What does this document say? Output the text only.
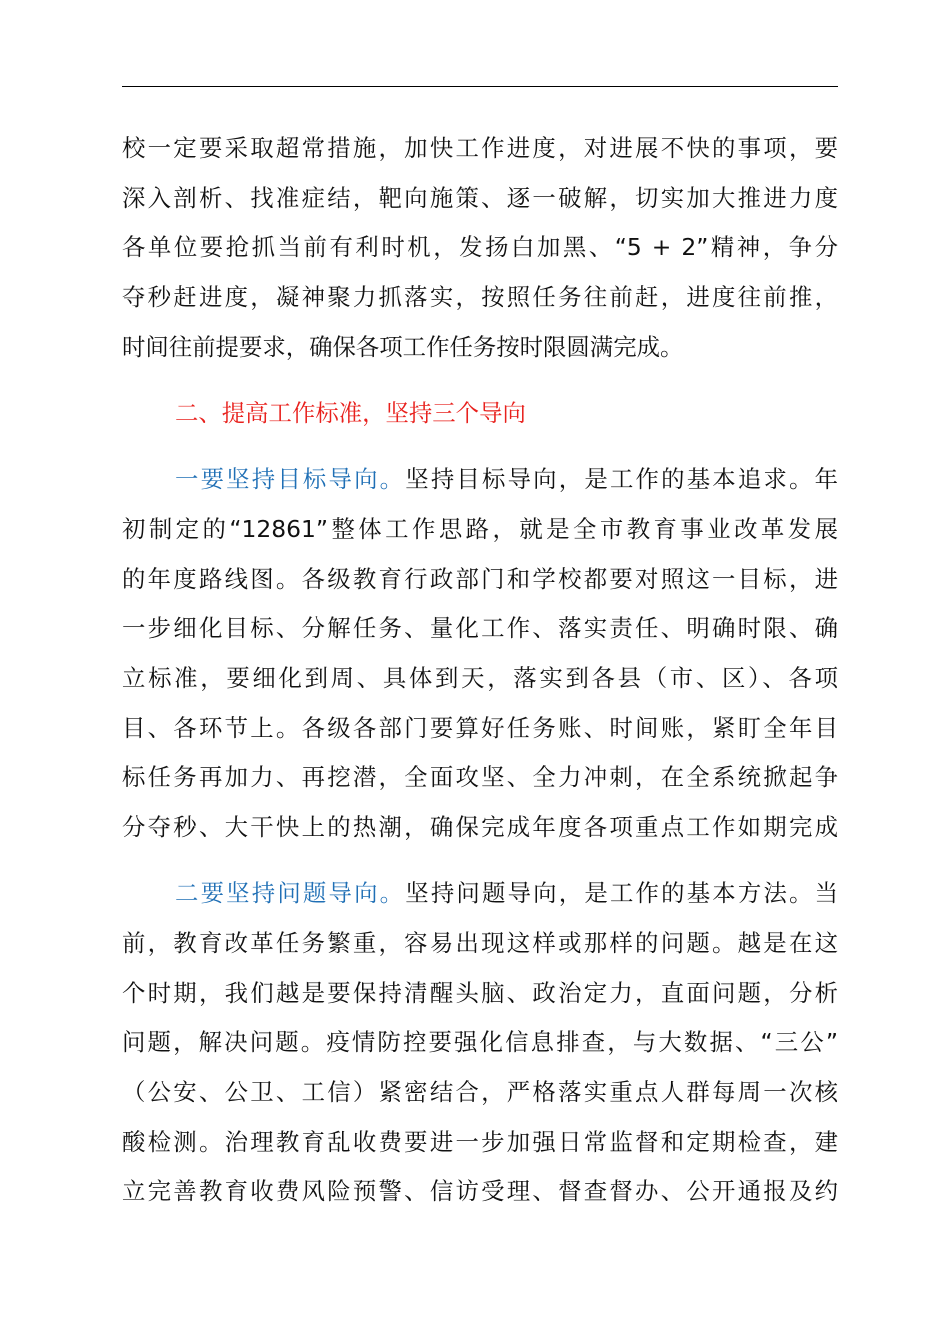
校一定要采取超常措施，加快工作进度，对进展不快的事项，要
深入剖析、找准症结，靶向施策、逐一破解，切实加大推进力度
各单位要抢抓当前有利时机，发扬白加黑、“5 + 2”精神，争分
夺秒赶进度，凝神聚力抓落实，按照任务往前赶，进度往前推，
时间往前提要求，确保各项工作任务按时限圆满完成。
二、提高工作标准，坚持三个导向
一要坚持目标导向。坚持目标导向，是工作的基本追求。年
初制定的“12861”整体工作思路，就是全市教育事业改革发展
的年度路线图。各级教育行政部门和学校都要对照这一目标，进
一步细化目标、分解任务、量化工作、落实责任、明确时限、确
立标准，要细化到周、具体到天，落实到各县（市、区）、各项
目、各环节上。各级各部门要算好任务账、时间账，紧盯全年目
标任务再加力、再挖潜，全面攻坚、全力冲刺，在全系统掀起争
分夺秒、大干快上的热潮，确保完成年度各项重点工作如期完成
二要坚持问题导向。坚持问题导向，是工作的基本方法。当
前，教育改革任务繁重，容易出现这样或那样的问题。越是在这
个时期，我们越是要保持清醒头脑、政治定力，直面问题，分析
问题，解决问题。疫情防控要强化信息排查，与大数据、“三公”
（公安、公卫、工信）紧密结合，严格落实重点人群每周一次核
酸检测。治理教育乱收费要进一步加强日常监督和定期检查，建
立完善教育收费风险预警、信访受理、督查督办、公开通报及约
